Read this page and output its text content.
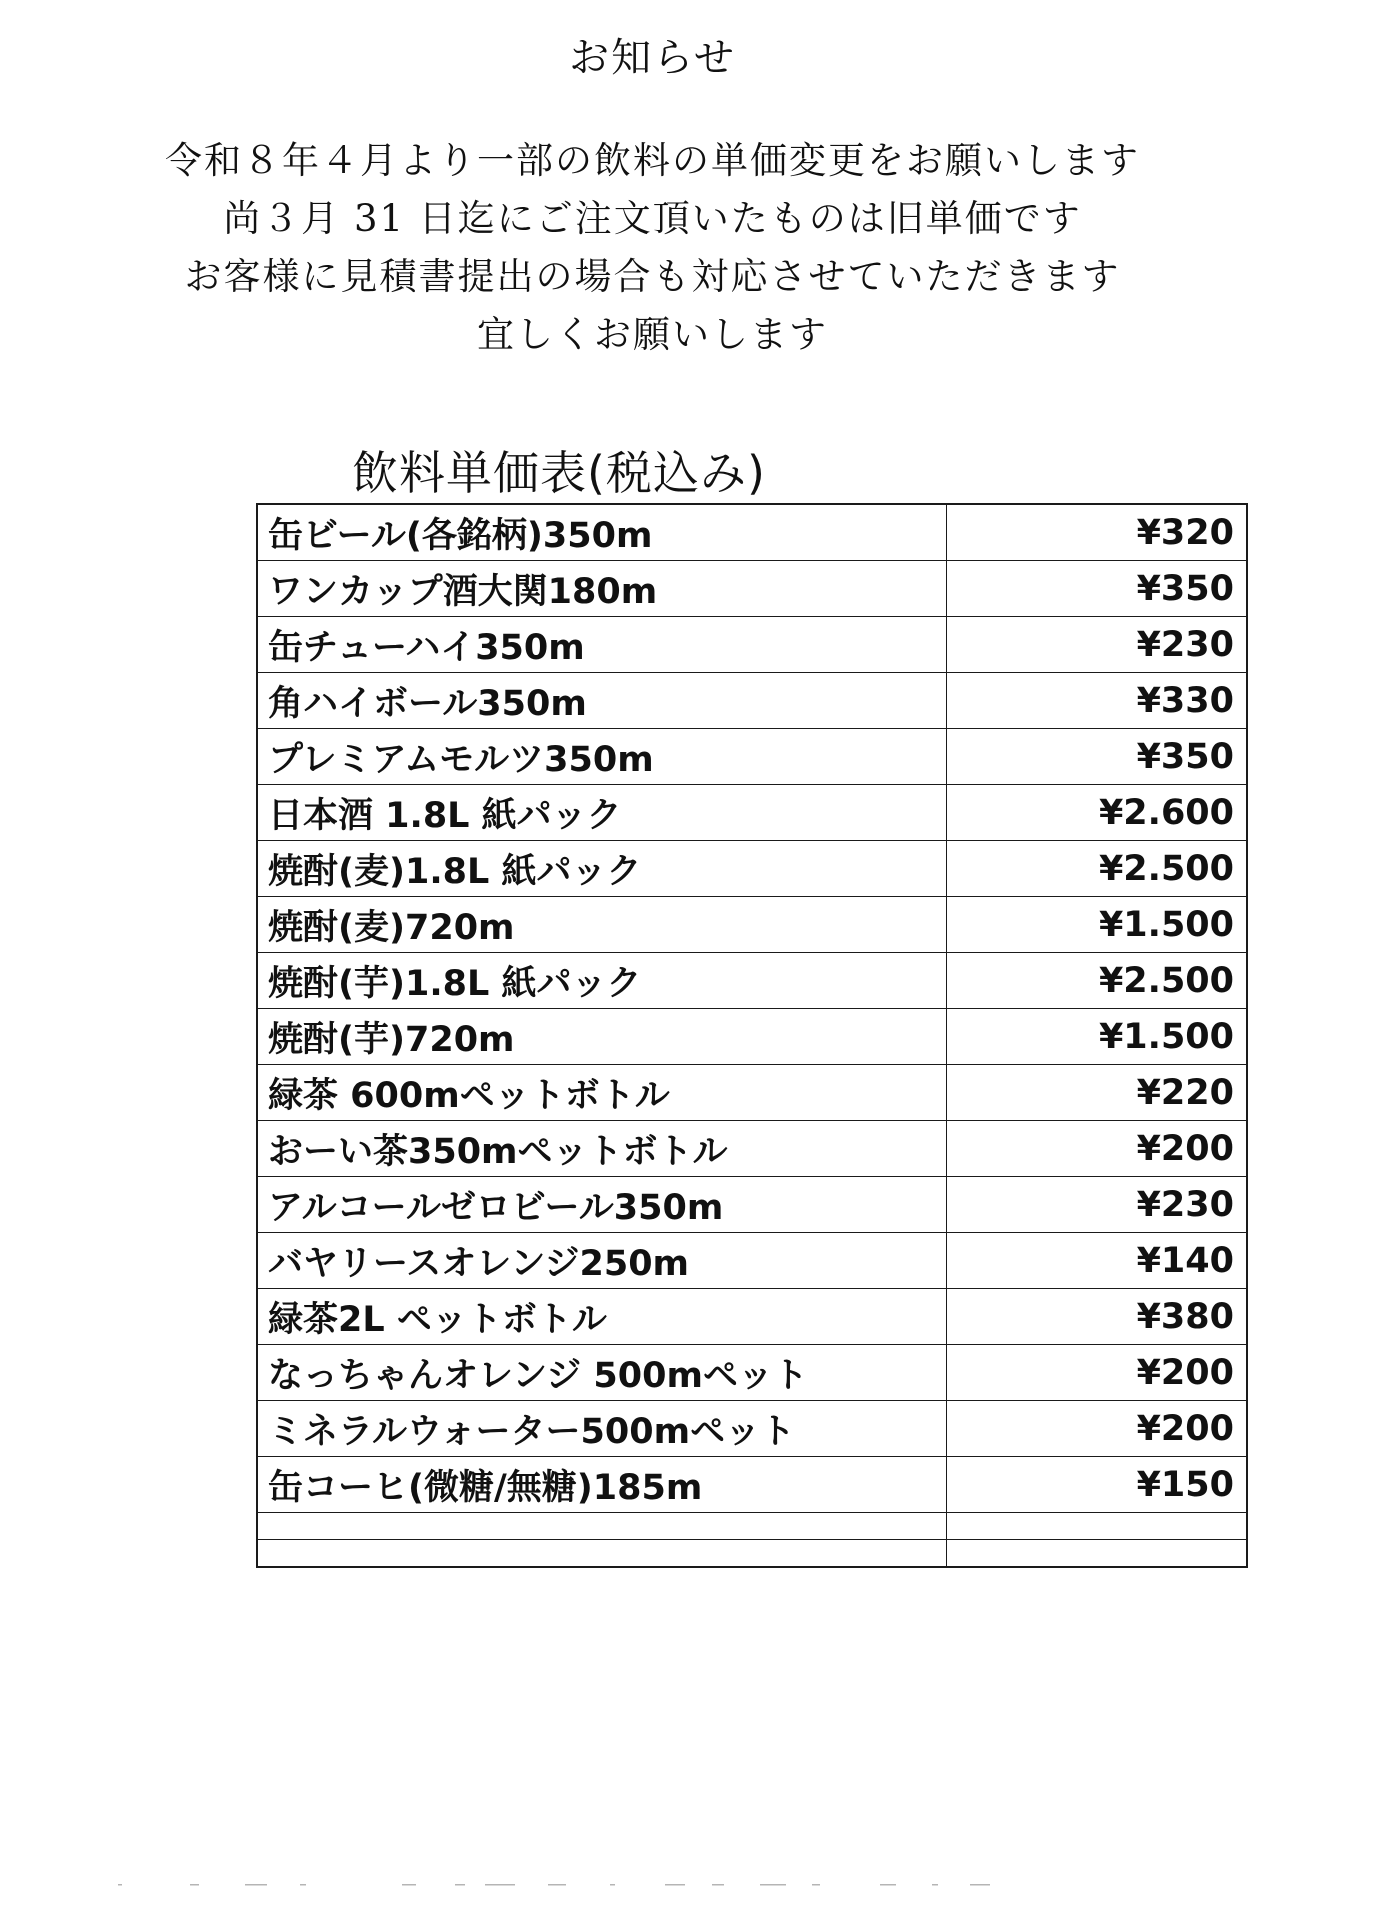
お知らせ
令和８年４月より一部の飲料の単価変更をお願いします
尚３月 31 日迄にご注文頂いたものは旧単価です
お客様に見積書提出の場合も対応させていただきます
宜しくお願いします
飲料単価表(税込み)
缶ビール(各銘柄)350m	¥320
ワンカップ酒大関180m	¥350
缶チューハイ350m	¥230
角ハイボール350m	¥330
プレミアムモルツ350m	¥350
日本酒 1.8L 紙パック	¥2.600
焼酎(麦)1.8L 紙パック	¥2.500
焼酎(麦)720m	¥1.500
焼酎(芋)1.8L 紙パック	¥2.500
焼酎(芋)720m	¥1.500
緑茶 600mペットボトル	¥220
おーい茶350mペットボトル	¥200
アルコールゼロビール350m	¥230
バヤリースオレンジ250m	¥140
緑茶2L ペットボトル	¥380
なっちゃんオレンジ 500mペット	¥200
ミネラルウォーター500mペット	¥200
缶コーヒ(微糖/無糖)185m	¥150
